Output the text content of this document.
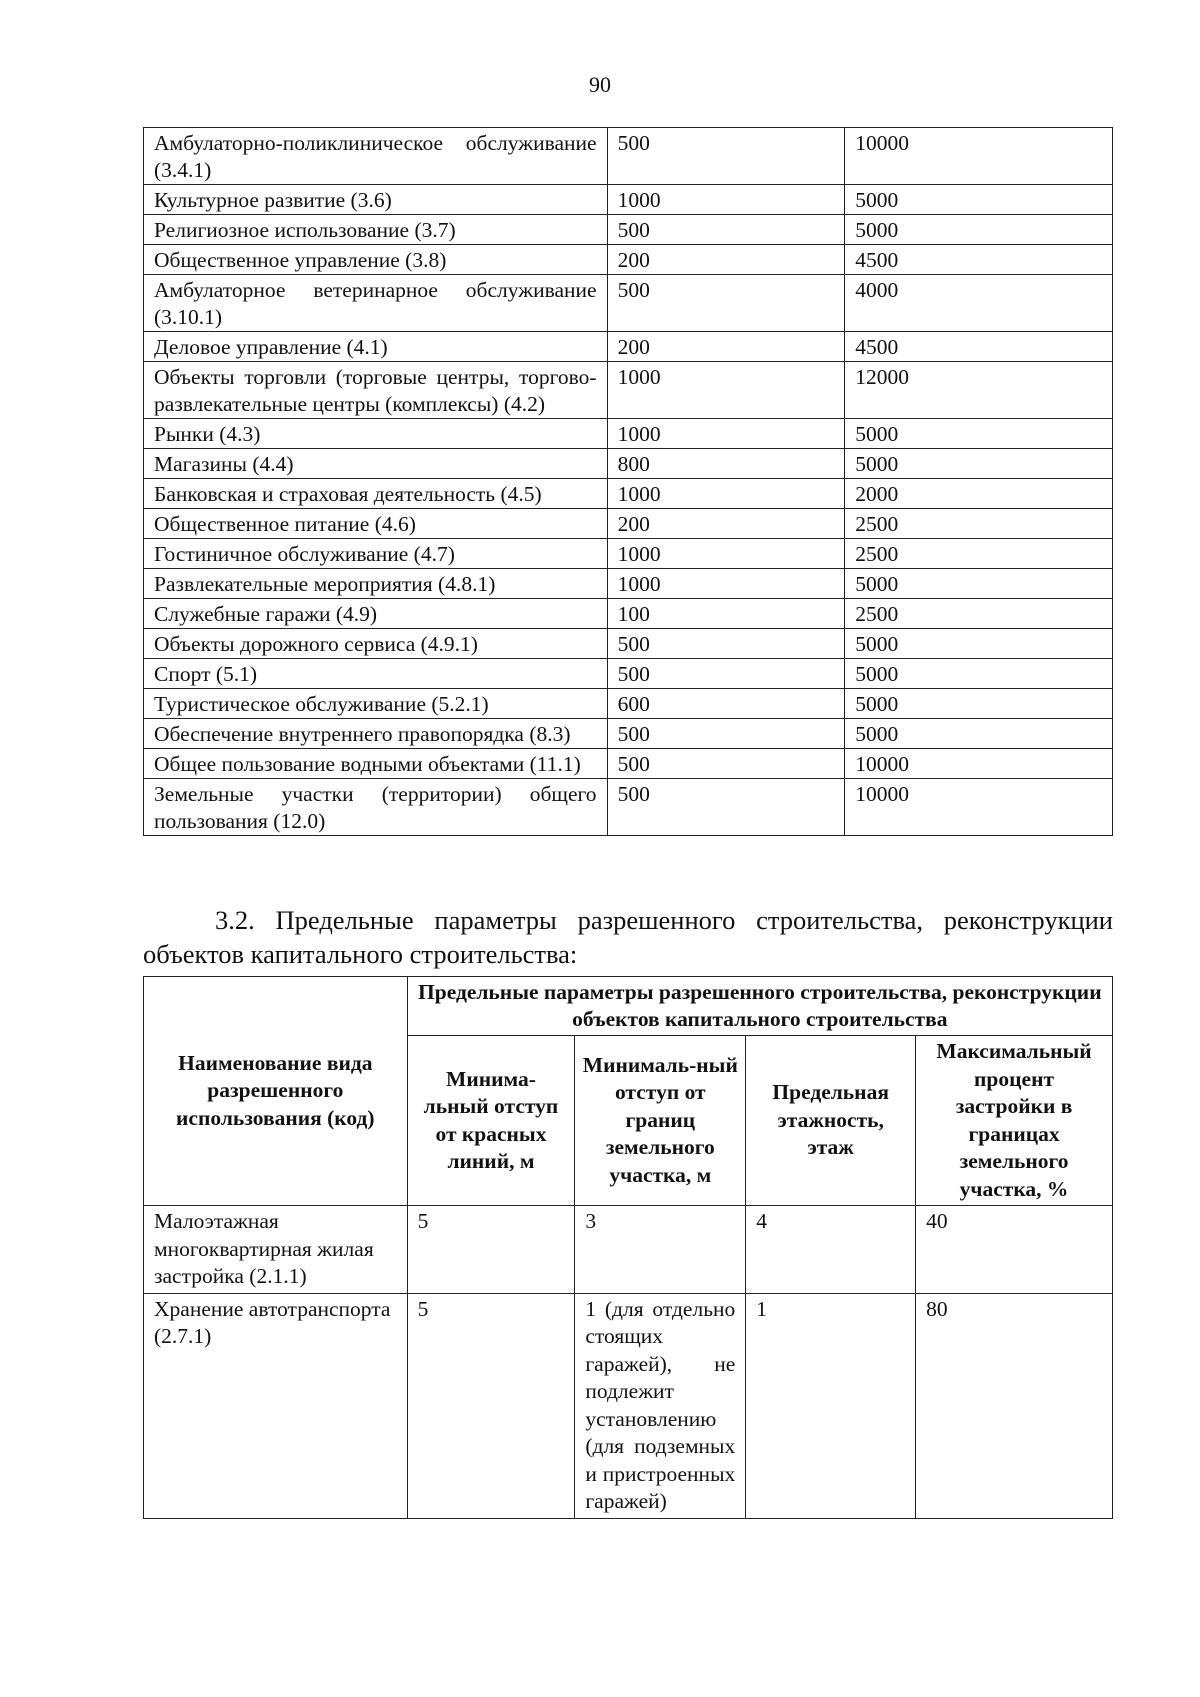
90
Амбулаторно-поликлиническое обслуживание (3.4.1)	500	10000
Культурное развитие (3.6)	1000	5000
Религиозное использование (3.7)	500	5000
Общественное управление (3.8)	200	4500
Амбулаторное ветеринарное обслуживание (3.10.1)	500	4000
Деловое управление (4.1)	200	4500
Объекты торговли (торговые центры, торгово-развлекательные центры (комплексы) (4.2)	1000	12000
Рынки (4.3)	1000	5000
Магазины (4.4)	800	5000
Банковская и страховая деятельность (4.5)	1000	2000
Общественное питание (4.6)	200	2500
Гостиничное обслуживание (4.7)	1000	2500
Развлекательные мероприятия (4.8.1)	1000	5000
Служебные гаражи (4.9)	100	2500
Объекты дорожного сервиса (4.9.1)	500	5000
Спорт (5.1)	500	5000
Туристическое обслуживание (5.2.1)	600	5000
Обеспечение внутреннего правопорядка (8.3)	500	5000
Общее пользование водными объектами (11.1)	500	10000
Земельные участки (территории) общего пользования (12.0)	500	10000
3.2. Предельные параметры разрешенного строительства, реконструкции объектов капитального строительства:
Наименование вида разрешенного использования (код)	Предельные параметры разрешенного строительства, реконструкции объектов капитального строительства			
	Минима-льный отступ от красных линий, м	Минималь-ный отступ от границ земельного участка, м	Предельная этажность, этаж	Максимальный процент застройки в границах земельного участка, %
Малоэтажная многоквартирная жилая застройка (2.1.1)	5	3	4	40
Хранение автотранспорта (2.7.1)	5	1 (для отдельно стоящих гаражей), не подлежит установлению (для подземных и пристроенных гаражей)	1	80
